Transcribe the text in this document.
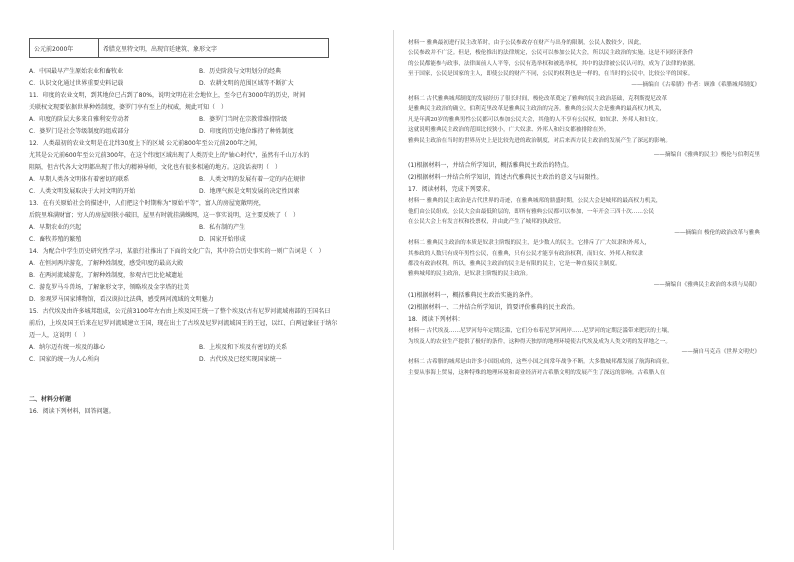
公元前2000年	希腊克里特文明，出现宫廷建筑、象形文字
A．中国最早产生原始农业和畜牧业	B．历史阶段与文明划分的经典
C．认识文化通过世界重要史料记载	D．农耕文明的范围区域等不断扩大
11．印度的农业文明，到其地位已占到了80%，说明文明在社会地位上，至今已有3000年的历史，时间
关联权文现要依据世界种姓制度，婆罗门享有至上的权威，规此可知（　）
A．印度的阶层大多来自雅利安劳动者	B．婆罗门当时在宗教常维持阶级
C．婆罗门是社会等级制度的组成部分	D．印度的历史地位维持了种姓制度
12．人类最初的农业文明是在北纬30度上下的区域 公元前800年至公元前200年之间，
尤其是公元前600年至公元前300年，在这个纬度区域出现了人类历史上的"轴心时代"，虽然有千山万水的
阻隔，但古代各大文明都出现了伟大的精神导师，文化也有很多相通的地方。这段话表明（　）
A．早期人类各文明体有着密切的联系	B．人类文明的发展有着一定的内在规律
C．人类文明发展取决于大河文明的开始	D．地理气候是文明发展的决定性因素
13．在有关原始社会的描述中，人们把这个时期称为“原始平等”，富人的房屋宽敞明亮，
后院里堆满财富；穷人的房屋则狭小破旧，屋里有时就挂满蛛网，这一事实说明，这主要反映了（　）
A．早期农业的兴起	B．私有制的产生
C．畜牧养殖的繁殖	D．国家开始形成
14．为配合中学生历史研究性学习，某旅行社推出了下面的文化广告，其中符合历史事实的一则广告词是（　）
A．在恒河两岸游览，了解种姓制度，感受印度的最高大殿
B．在两河流域游览，了解种姓制度，参观古巴比伦城遗址
C．游览罗马斗兽场，了解象形文字，领略埃及金字塔的壮美
D．参观罗马国家博物馆，看汉谟拉比法典，感受两河流域的文明魅力
15．古代埃及由许多城邦组成，公元前3100年左右由上埃及国王统一了整个埃及(古有尼罗河流域南部的王国名曰
前后)，上埃及国王后来在尼罗河流域建立王国，现在出土了古埃及尼罗河流域国王的王冠，以红、白两冠象征于纳尔
迈一人，这说明（　）
A．纳尔迈有统一埃及的雄心	B．上埃及和下埃及有密切的关系
C．国家的统一为人心所向	D．古代埃及已经实现国家统一
二、材料分析题
16．阅读下列材料，回答问题。
材料一 雅典最初进行民主改革时，由于公民参政存在财产与出身的限制，公民人数较少，因此，
公民参政并不广泛。但是，梭伦推出的法律规定，公民可以参加公民大会，所以民主政治的实施。这是不同经济条件
的公民都能参与政事，法律面前人人平等，公民有选举权和被选举权，其中的法律被公民认可的，成为了法律的依据。
至于国家，公民是国家的主人，即使公民的财产不同，公民的权利也是一样的，在当时的公民中，比较公平的国家。
——摘编自《古希腊》作者：顾准《希腊城邦制度》
材料二 古代雅典城邦制度的发展经历了很长时间，梭伦改革奠定了雅典的民主政治基础，克利斯提尼改革
是雅典民主政治的确立，伯利克里改革是雅典民主政治的完善。雅典的公民大会是雅典的最高权力机关，
凡是年满20岁的雅典男性公民都可以参加公民大会，其他的人不享有公民权，如奴隶、外邦人和妇女。
这就说明雅典民主政治的范围比较狭小，广大奴隶、外邦人和妇女都被排除在外。
雅典民主政治在当时的世界历史上是比较先进的政治制度，对后来西方民主政治的发展产生了深远的影响。
——摘编自《雅典的民主》梭伦与伯利克里
(1)根据材料一，并结合所学知识，概括雅典民主政治的特点。
(2)根据材料一并结合所学知识，简述古代雅典民主政治的意义与局限性。
17．阅读材料，完成下列要求。
材料一 雅典的民主政治是古代世界的奇迹，在雅典城邦的鼎盛时期，公民大会是城邦的最高权力机关，
他们由公民组成，公民大会由最低阶层的，即所有雅典公民都可以参加，一年开会三四十次……公民
在公民大会上有发言权和投票权，并由此产生了城邦的执政官。
——摘编自 梭伦的政治改革与雅典
材料二 雅典民主政治的本质是奴隶主阶级的民主，是少数人的民主，它排斥了广大奴隶和外邦人，
其参政的人数只有成年男性公民，在雅典，只有公民才能享有政治权利，而妇女、外邦人和奴隶
都没有政治权利。所以，雅典民主政治的民主是有限的民主，它是一种直接民主制度。
雅典城邦的民主政治，是奴隶主阶级的民主政治。
——摘编自《雅典民主政治的本质与局限》
(1)根据材料一，概括雅典民主政治实施的条件。
(2)根据材料一、二并结合所学知识，简要评价雅典的民主政治。
18．阅读下列材料：
材料一 古代埃及……尼罗河每年定期泛滥，它们分布着尼罗河两岸……尼罗河的定期泛滥带来肥沃的土壤，
为埃及人的农业生产提供了极好的条件，这种得天独厚的地理环境使古代埃及成为人类文明的发祥地之一。
——摘自马克垚《世界文明史》
材料二 古希腊的城邦是由许多小国组成的，这些小国之间常年战争不断。大多数城邦都发展了航海和商业，
主要从事海上贸易，这种特殊的地理环境和商业经济对古希腊文明的发展产生了深远的影响。古希腊人在
